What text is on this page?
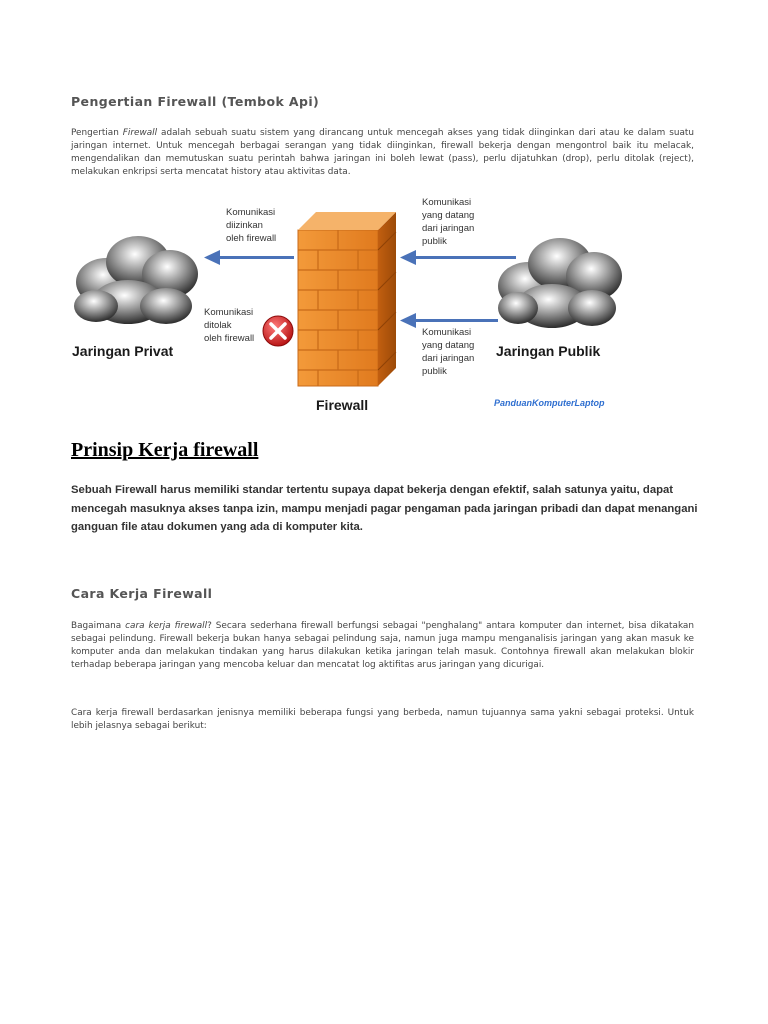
Pengertian Firewall (Tembok Api)

Pengertian Firewall adalah sebuah suatu sistem yang dirancang untuk mencegah akses yang tidak diinginkan dari atau ke dalam suatu jaringan internet. Untuk mencegah berbagai serangan yang tidak diinginkan, firewall bekerja dengan mengontrol baik itu melacak, mengendalikan dan memutuskan suatu perintah bahwa jaringan ini boleh lewat (pass), perlu dijatuhkan (drop), perlu ditolak (reject), melakukan enkripsi serta mencatat history atau aktivitas data.

Komunikasi diizinkan oleh firewall
Komunikasi ditolak oleh firewall
Komunikasi yang datang dari jaringan publik
Komunikasi yang datang dari jaringan publik
Jaringan Privat	Jaringan Publik
Firewall	PanduanKomputerLaptop
Prinsip Kerja firewall

Sebuah Firewall harus memiliki standar tertentu supaya dapat bekerja dengan efektif, salah satunya yaitu, dapat mencegah masuknya akses tanpa izin, mampu menjadi pagar pengaman pada jaringan pribadi dan dapat menangani ganguan file atau dokumen yang ada di komputer kita.

Cara Kerja Firewall

Bagaimana cara kerja firewall? Secara sederhana firewall berfungsi sebagai "penghalang" antara komputer dan internet, bisa dikatakan sebagai pelindung. Firewall bekerja bukan hanya sebagai pelindung saja, namun juga mampu menganalisis jaringan yang akan masuk ke komputer anda dan melakukan tindakan yang harus dilakukan ketika jaringan telah masuk. Contohnya firewall akan melakukan blokir terhadap beberapa jaringan yang mencoba keluar dan mencatat log aktifitas arus jaringan yang dicurigai.

Cara kerja firewall berdasarkan jenisnya memiliki beberapa fungsi yang berbeda, namun tujuannya sama yakni sebagai proteksi. Untuk lebih jelasnya sebagai berikut:
